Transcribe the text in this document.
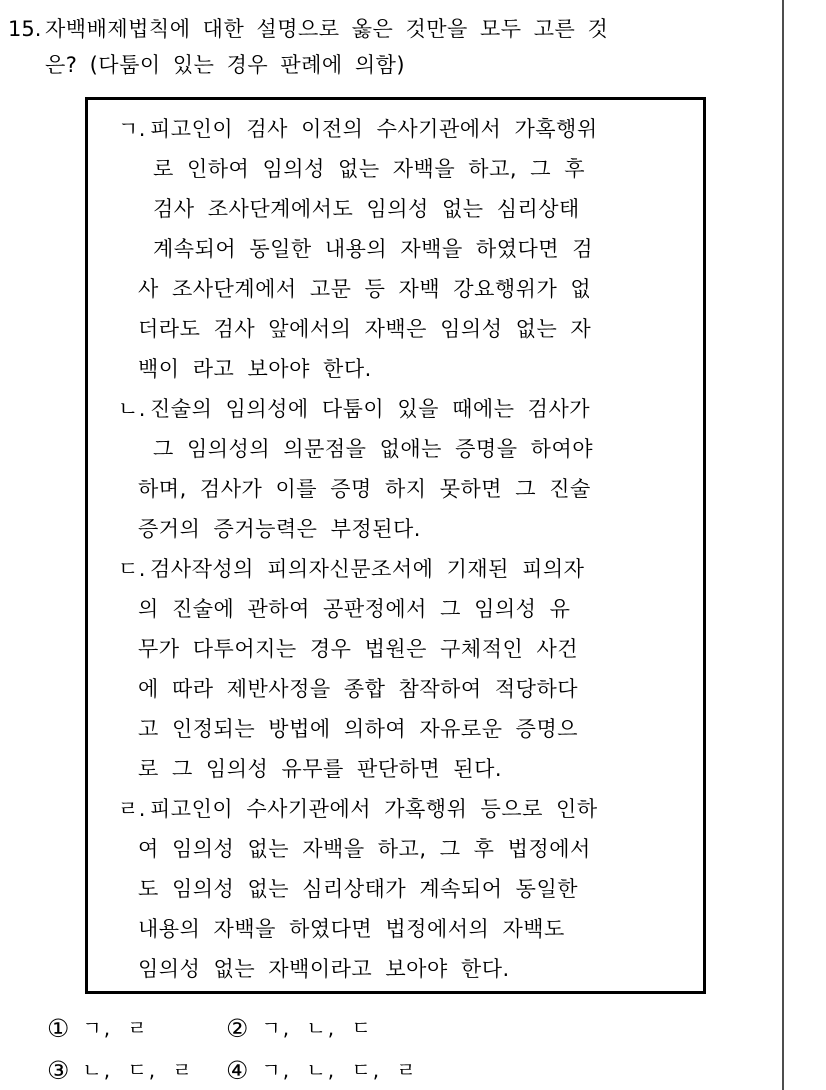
15. 자백배제법칙에 대한 설명으로 옳은 것만을 모두 고른 것
은? (다툼이 있는 경우 판례에 의함)
ㄱ. 피고인이 검사 이전의 수사기관에서 가혹행위
로 인하여 임의성 없는 자백을 하고, 그 후
검사 조사단계에서도 임의성 없는 심리상태
계속되어 동일한 내용의 자백을 하였다면 검
사 조사단계에서 고문 등 자백 강요행위가 없
더라도 검사 앞에서의 자백은 임의성 없는 자
백이 라고 보아야 한다.
ㄴ. 진술의 임의성에 다툼이 있을 때에는 검사가
그 임의성의 의문점을 없애는 증명을 하여야
하며, 검사가 이를 증명 하지 못하면 그 진술
증거의 증거능력은 부정된다.
ㄷ. 검사작성의 피의자신문조서에 기재된 피의자
의 진술에 관하여 공판정에서 그 임의성 유
무가 다투어지는 경우 법원은 구체적인 사건
에 따라 제반사정을 종합 참작하여 적당하다
고 인정되는 방법에 의하여 자유로운 증명으
로 그 임의성 유무를 판단하면 된다.
ㄹ. 피고인이 수사기관에서 가혹행위 등으로 인하
여 임의성 없는 자백을 하고, 그 후 법정에서
도 임의성 없는 심리상태가 계속되어 동일한
내용의 자백을 하였다면 법정에서의 자백도
임의성 없는 자백이라고 보아야 한다.
① ㄱ, ㄹ	② ㄱ, ㄴ, ㄷ
③ ㄴ, ㄷ, ㄹ ④ ㄱ, ㄴ, ㄷ, ㄹ
